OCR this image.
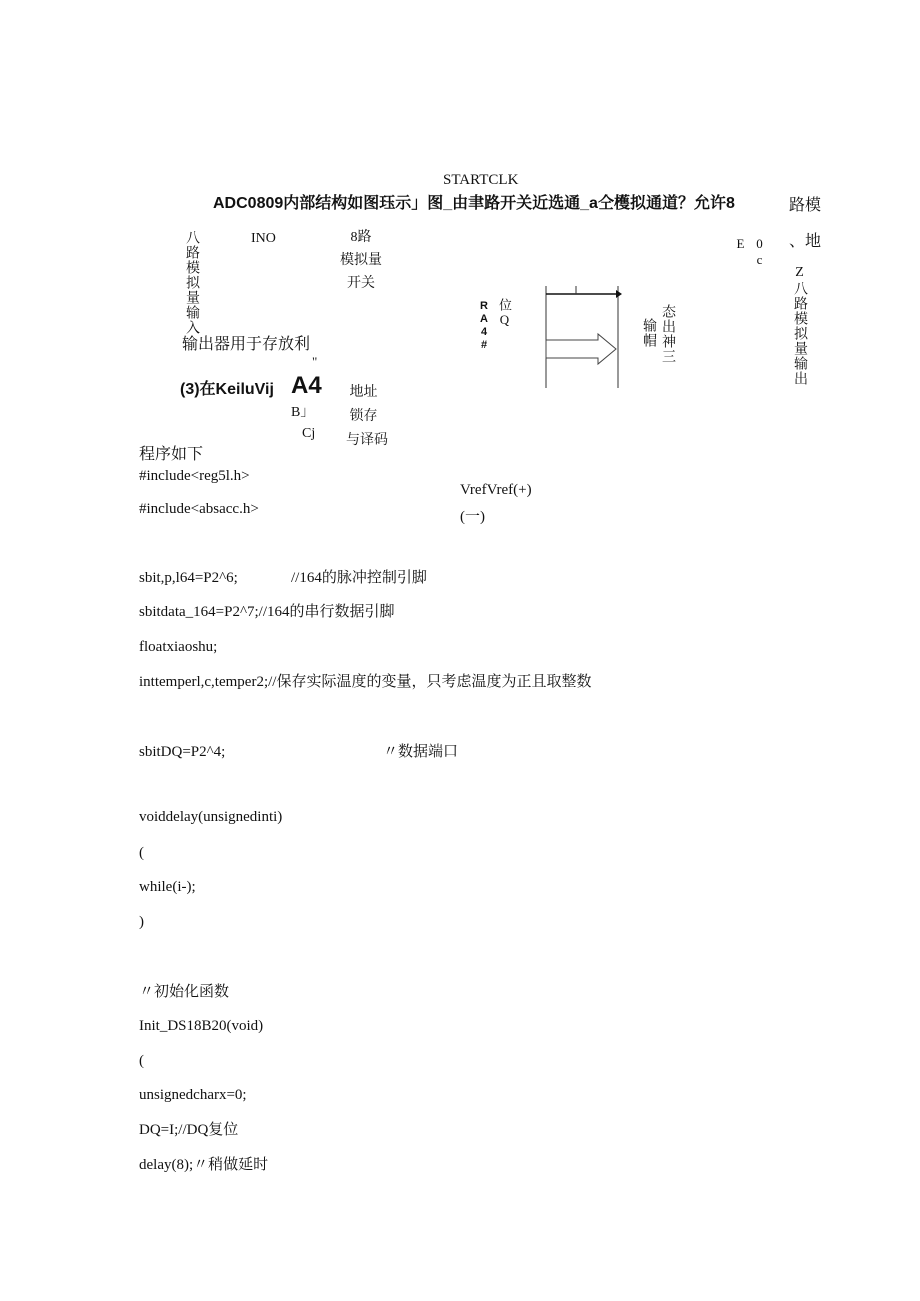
STARTCLK
ADC0809内部结构如图珏示」图_由聿路开关近选通_a仝檴拟通道？允许8	路模
、地
八路模拟量输入	INO	8路
模拟量
开关
0c
E
Z八路模拟量输出
位Q
RA4#	态出神三
输帽
输出器用于存放利
"
(3)在KeiluVij A4
B」
Cj
地址
锁存
与译码
程序如下
VrefVref(+)
(一)
#include<reg5l.h>
#include<absacc.h>
sbit,p,l64=P2^6;	//164的脉冲控制引脚
sbitdata_164=P2^7;//164的串行数据引脚
floatxiaoshu;
inttemperl,c,temper2;//保存实际温度的变量，只考虑温度为正且取整数
sbitDQ=P2^4;	〃数据端口
voiddelay(unsignedinti)
(
while(i-);
)
〃初始化函数
Init_DS18B20(void)
(
unsignedcharx=0;
DQ=I;//DQ复位
delay(8);〃稍做延时
